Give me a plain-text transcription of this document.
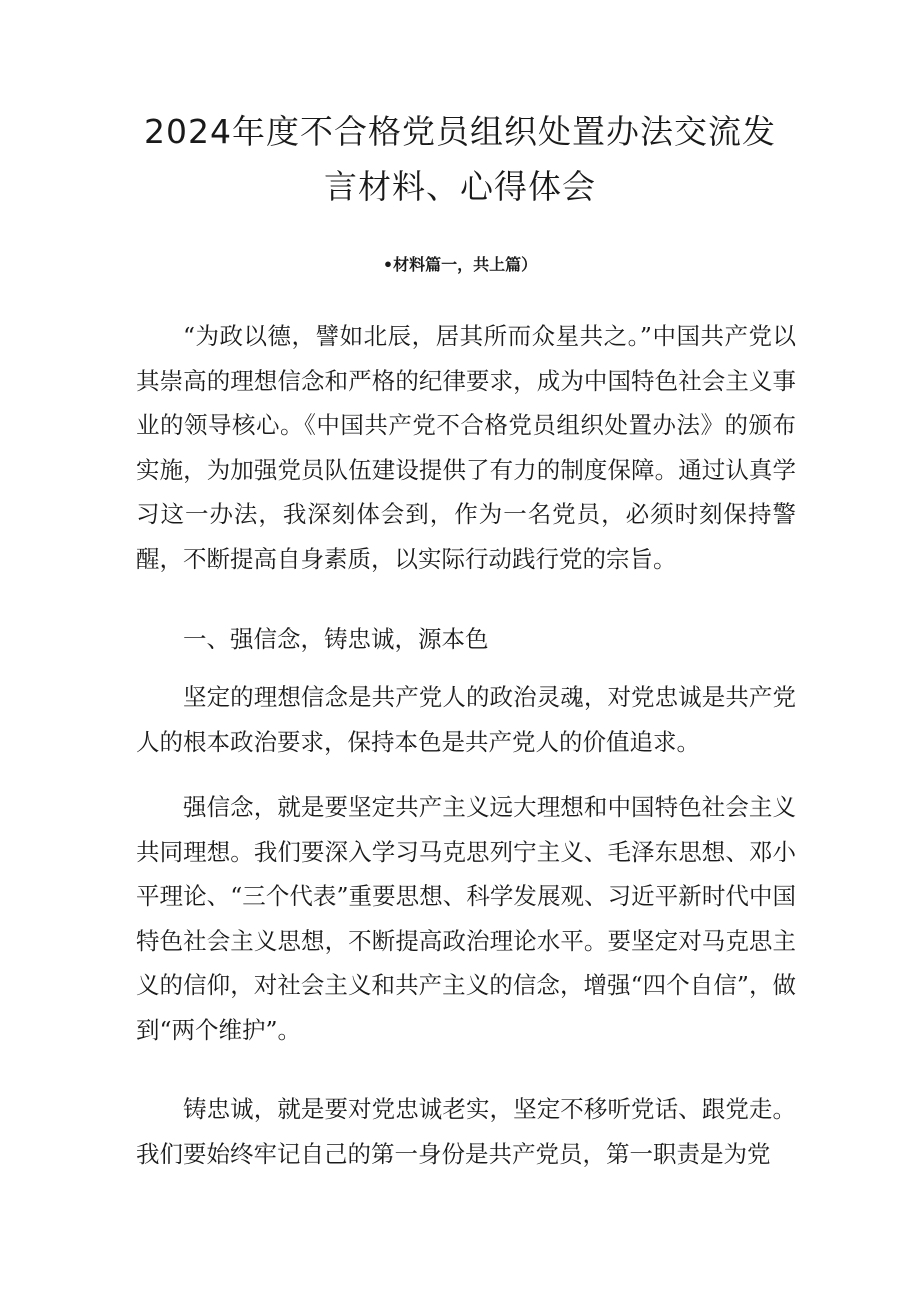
2024年度不合格党员组织处置办法交流发
言材料、心得体会
•材料篇一，共上篇）

“为政以德，譬如北辰，居其所而众星共之。”中国共产党以其崇高的理想信念和严格的纪律要求，成为中国特色社会主义事业的领导核心。《中国共产党不合格党员组织处置办法》的颁布实施，为加强党员队伍建设提供了有力的制度保障。通过认真学习这一办法，我深刻体会到，作为一名党员，必须时刻保持警醒，不断提高自身素质，以实际行动践行党的宗旨。

一、强信念，铸忠诚，源本色

坚定的理想信念是共产党人的政治灵魂，对党忠诚是共产党人的根本政治要求，保持本色是共产党人的价值追求。

强信念，就是要坚定共产主义远大理想和中国特色社会主义共同理想。我们要深入学习马克思列宁主义、毛泽东思想、邓小平理论、“三个代表”重要思想、科学发展观、习近平新时代中国特色社会主义思想，不断提高政治理论水平。要坚定对马克思主义的信仰，对社会主义和共产主义的信念，增强“四个自信”，做到“两个维护”。

铸忠诚，就是要对党忠诚老实，坚定不移听党话、跟党走。我们要始终牢记自己的第一身份是共产党员，第一职责是为党
